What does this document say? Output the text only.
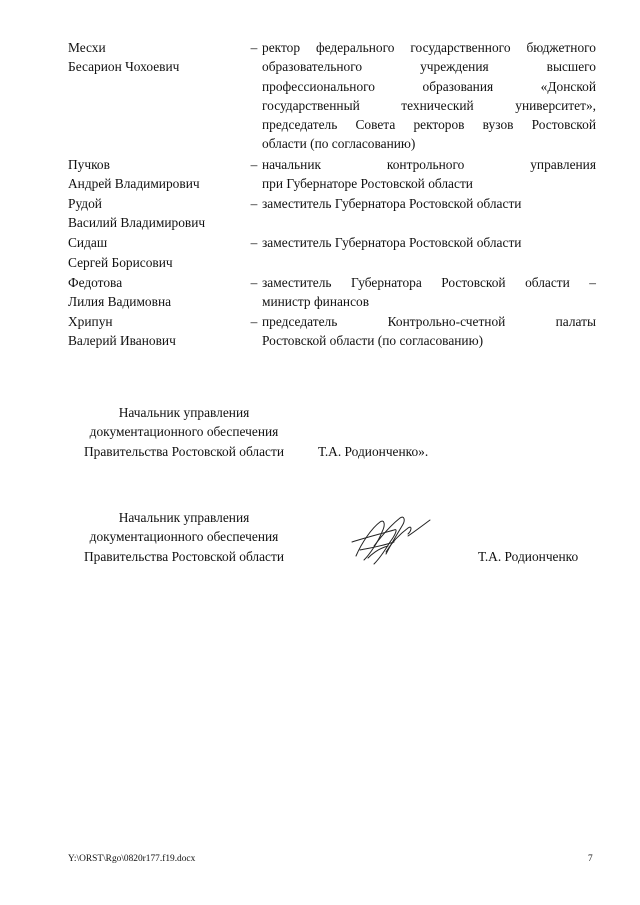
Месхи
Бесарион Чохоевич
– ректор федерального государственного бюджетного
образовательного учреждения высшего
профессионального образования «Донской
государственный технический университет»,
председатель Совета ректоров вузов Ростовской
области (по согласованию)
Пучков
Андрей Владимирович
– начальник контрольного управления
при Губернаторе Ростовской области
Рудой
Василий Владимирович
– заместитель Губернатора Ростовской области
Сидаш
Сергей Борисович
– заместитель Губернатора Ростовской области
Федотова
Лилия Вадимовна
– заместитель Губернатора Ростовской области –
министр финансов
Хрипун
Валерий Иванович
– председатель Контрольно-счетной палаты
Ростовской области (по согласованию)
Начальник управления
документационного обеспечения
Правительства Ростовской области	Т.А. Родионченко».
Начальник управления
документационного обеспечения
Правительства Ростовской области	Т.А. Родионченко
Y:\ORST\Rgo\0820r177.f19.docx	7
